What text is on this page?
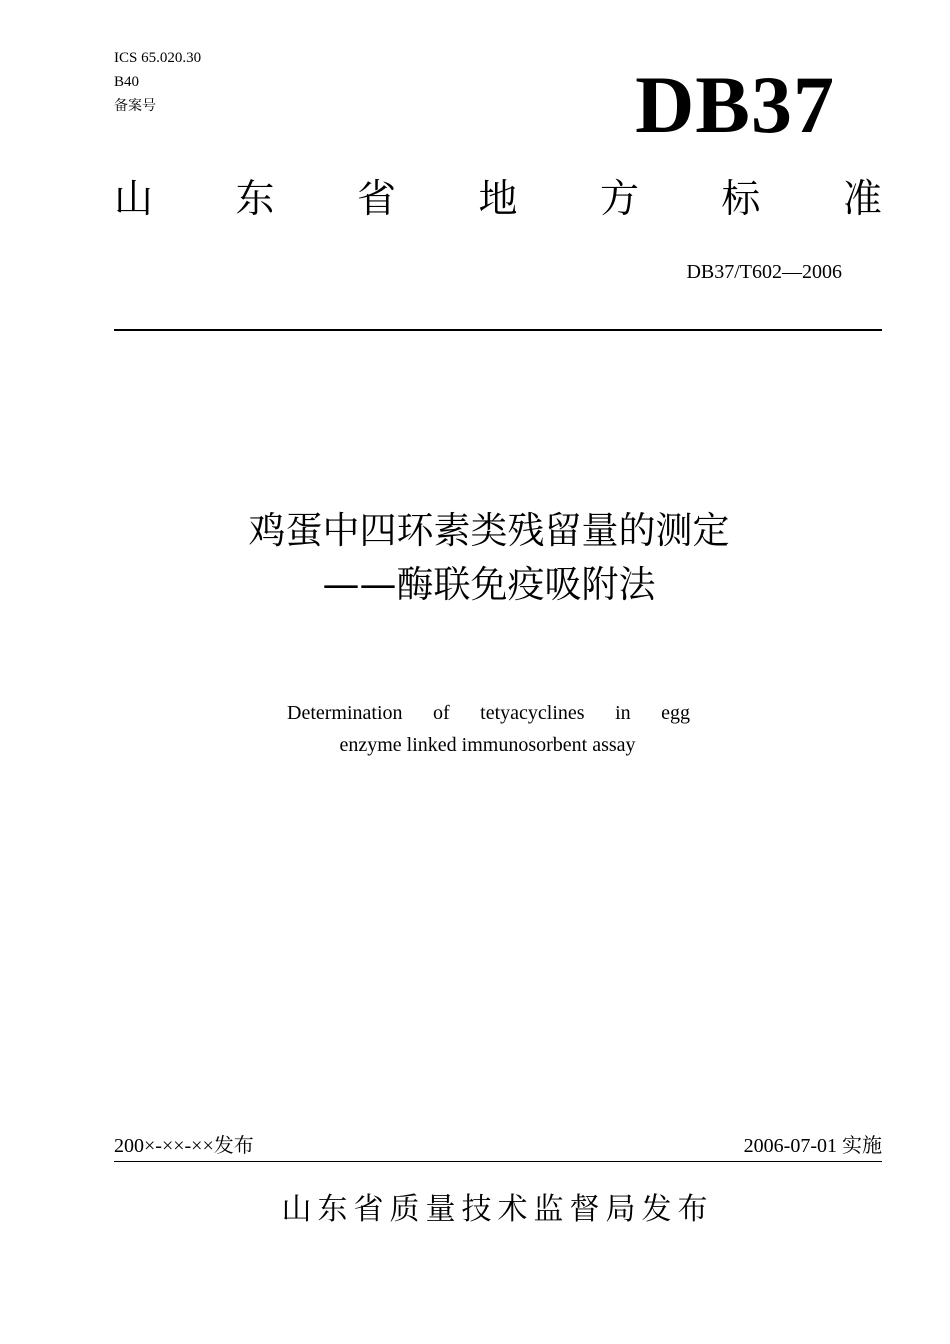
ICS 65.020.30
B40
备案号	DB37
山 东 省 地 方 标 准
DB37/T602—2006
鸡蛋中四环素类残留量的测定
——酶联免疫吸附法
Determination of tetyacyclines in egg
enzyme linked immunosorbent assay
200×-××-××发布	2006-07-01 实施
山东省质量技术监督局发布
